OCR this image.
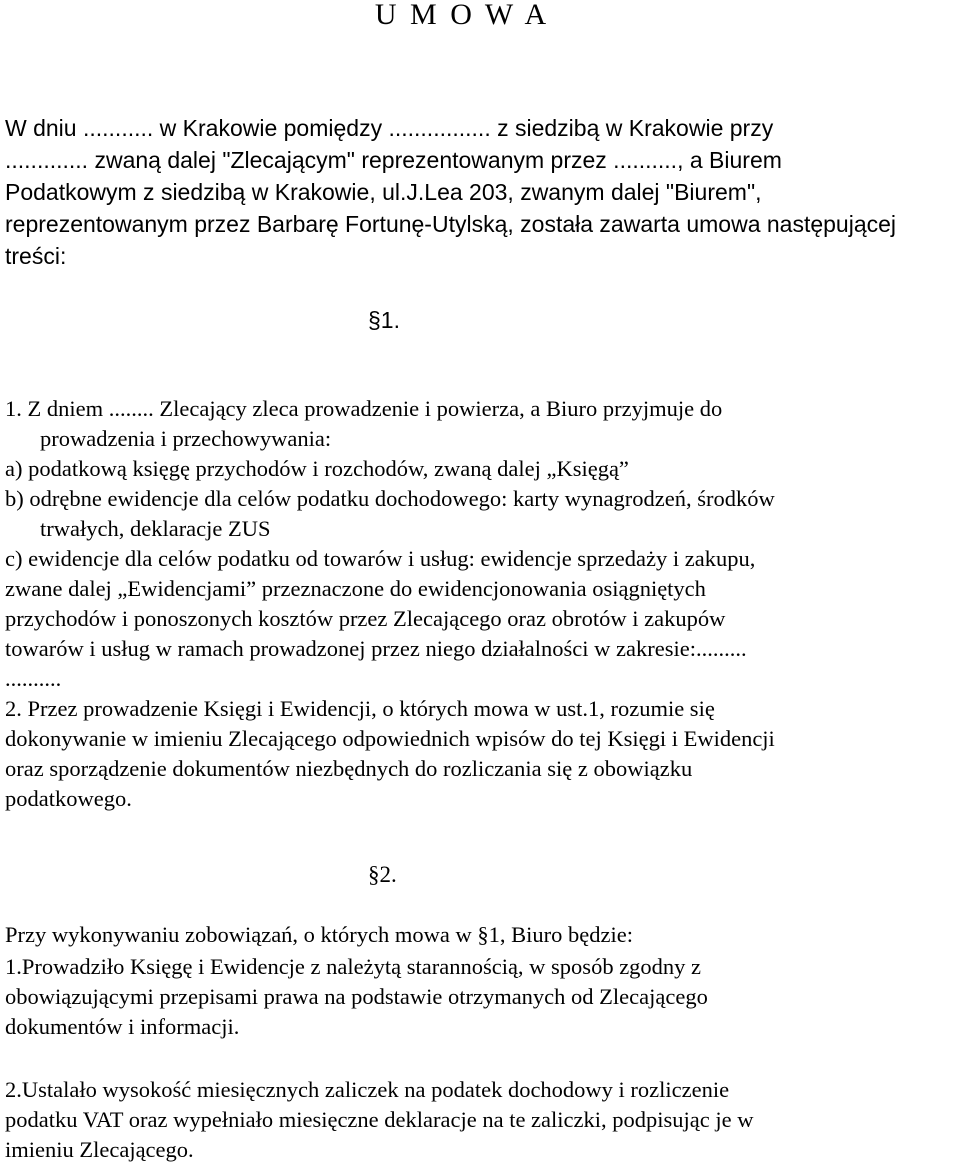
U M O W A
W dniu ........... w Krakowie pomiędzy ................ z siedzibą w Krakowie przy
............. zwaną dalej "Zlecającym" reprezentowanym przez .........., a Biurem
Podatkowym z siedzibą w Krakowie, ul.J.Lea 203, zwanym dalej "Biurem",
reprezentowanym przez Barbarę Fortunę-Utylską, została zawarta umowa następującej
treści:
§1.
1. Z dniem ........ Zlecający zleca prowadzenie i powierza, a Biuro przyjmuje do
prowadzenia i przechowywania:
a) podatkową księgę przychodów i rozchodów, zwaną dalej „Księgą”
b) odrębne ewidencje dla celów podatku dochodowego: karty wynagrodzeń, środków
trwałych, deklaracje ZUS
c) ewidencje dla celów podatku od towarów i usług: ewidencje sprzedaży i zakupu,
zwane dalej „Ewidencjami” przeznaczone do ewidencjonowania osiągniętych
przychodów i ponoszonych kosztów przez Zlecającego oraz obrotów i zakupów
towarów i usług w ramach prowadzonej przez niego działalności w zakresie:.........
..........
2. Przez prowadzenie Księgi i Ewidencji, o których mowa w ust.1, rozumie się
dokonywanie w imieniu Zlecającego odpowiednich wpisów do tej Księgi i Ewidencji
oraz sporządzenie dokumentów niezbędnych do rozliczania się z obowiązku
podatkowego.
§2.
Przy wykonywaniu zobowiązań, o których mowa w §1, Biuro będzie:
1.Prowadziło Księgę i Ewidencje z należytą starannością, w sposób zgodny z
obowiązującymi przepisami prawa na podstawie otrzymanych od Zlecającego
dokumentów i informacji.
2.Ustalało wysokość miesięcznych zaliczek na podatek dochodowy i rozliczenie
podatku VAT oraz wypełniało miesięczne deklaracje na te zaliczki, podpisując je w
imieniu Zlecającego.
